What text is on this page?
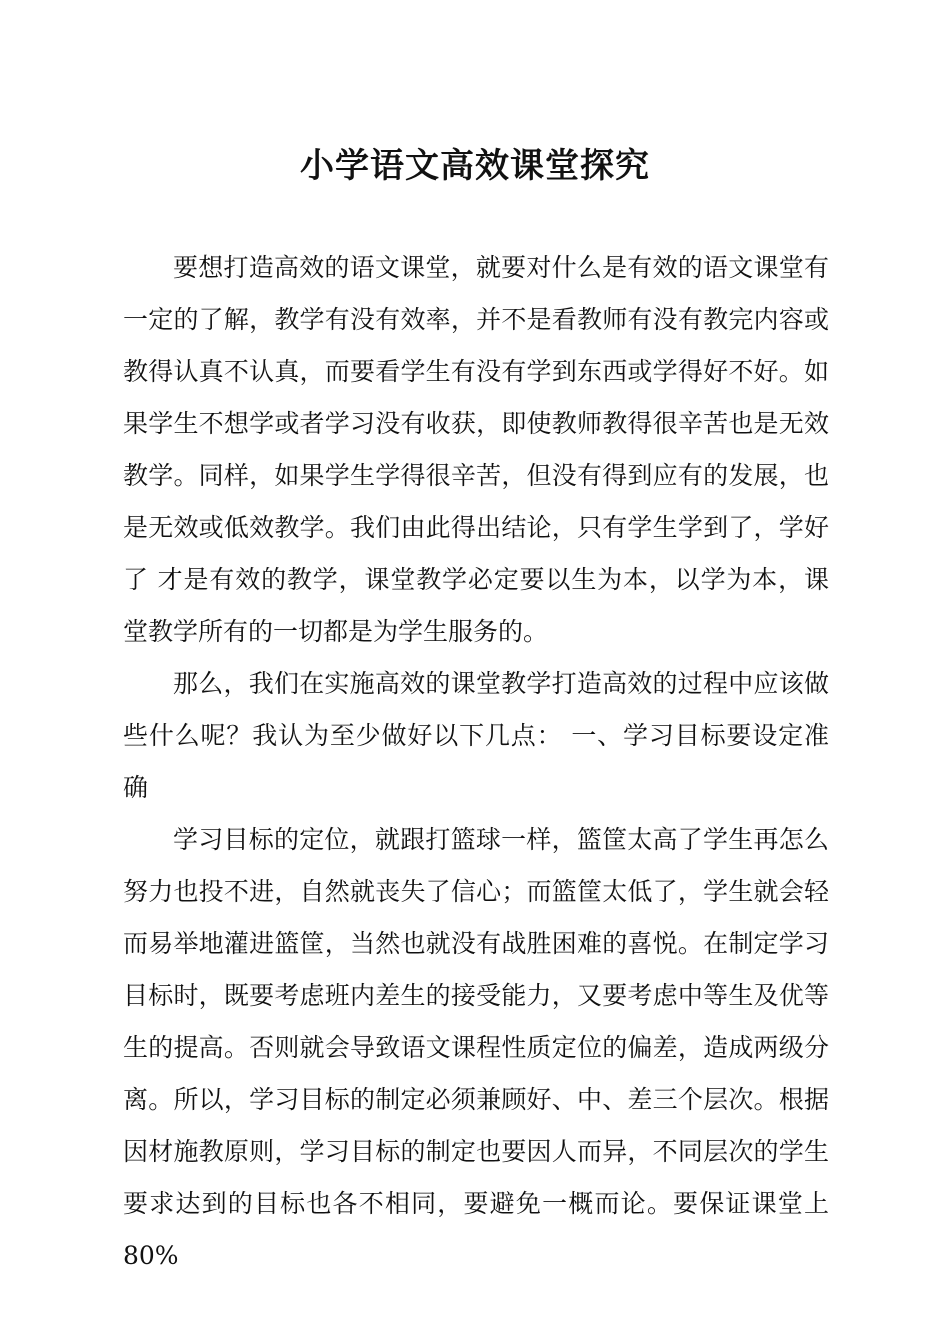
小学语文高效课堂探究

要想打造高效的语文课堂，就要对什么是有效的语文课堂有一定的了解，教学有没有效率，并不是看教师有没有教完内容或教得认真不认真，而要看学生有没有学到东西或学得好不好。如果学生不想学或者学习没有收获，即使教师教得很辛苦也是无效教学。同样，如果学生学得很辛苦，但没有得到应有的发展，也是无效或低效教学。我们由此得出结论，只有学生学到了，学好了 才是有效的教学，课堂教学必定要以生为本，以学为本，课堂教学所有的一切都是为学生服务的。

那么，我们在实施高效的课堂教学打造高效的过程中应该做些什么呢？我认为至少做好以下几点： 一、学习目标要设定准确

学习目标的定位，就跟打篮球一样，篮筐太高了学生再怎么努力也投不进，自然就丧失了信心；而篮筐太低了，学生就会轻而易举地灌进篮筐，当然也就没有战胜困难的喜悦。在制定学习目标时，既要考虑班内差生的接受能力，又要考虑中等生及优等生的提高。否则就会导致语文课程性质定位的偏差，造成两级分离。所以，学习目标的制定必须兼顾好、中、差三个层次。根据因材施教原则，学习目标的制定也要因人而异，不同层次的学生要求达到的目标也各不相同，要避免一概而论。要保证课堂上80%
